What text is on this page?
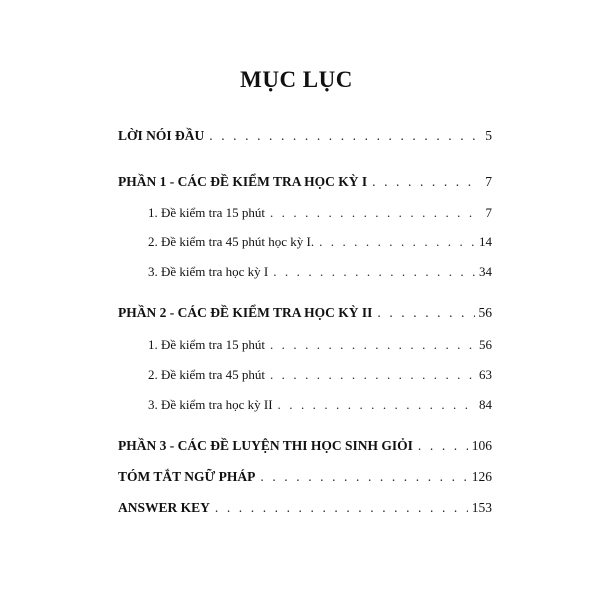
MỤC LỤC
LỜI NÓI ĐẦU . . .	5
PHẦN 1 - CÁC ĐỀ KIỂM TRA HỌC KỲ I . . .	7
1. Đề kiểm tra 15 phút . . .	7
2. Đề kiểm tra 45 phút học kỳ I. . . .	14
3. Đề kiểm tra học kỳ I . . .	34
PHẦN 2 - CÁC ĐỀ KIỂM TRA HỌC KỲ II . . .	56
1. Đề kiểm tra 15 phút . . .	56
2. Đề kiểm tra 45 phút . . .	63
3. Đề kiểm tra học kỳ II . . .	84
PHẦN 3 - CÁC ĐỀ LUYỆN THI HỌC SINH GIỎI . . .	106
TÓM TẮT NGỮ PHÁP . . .	126
ANSWER KEY . . .	153
